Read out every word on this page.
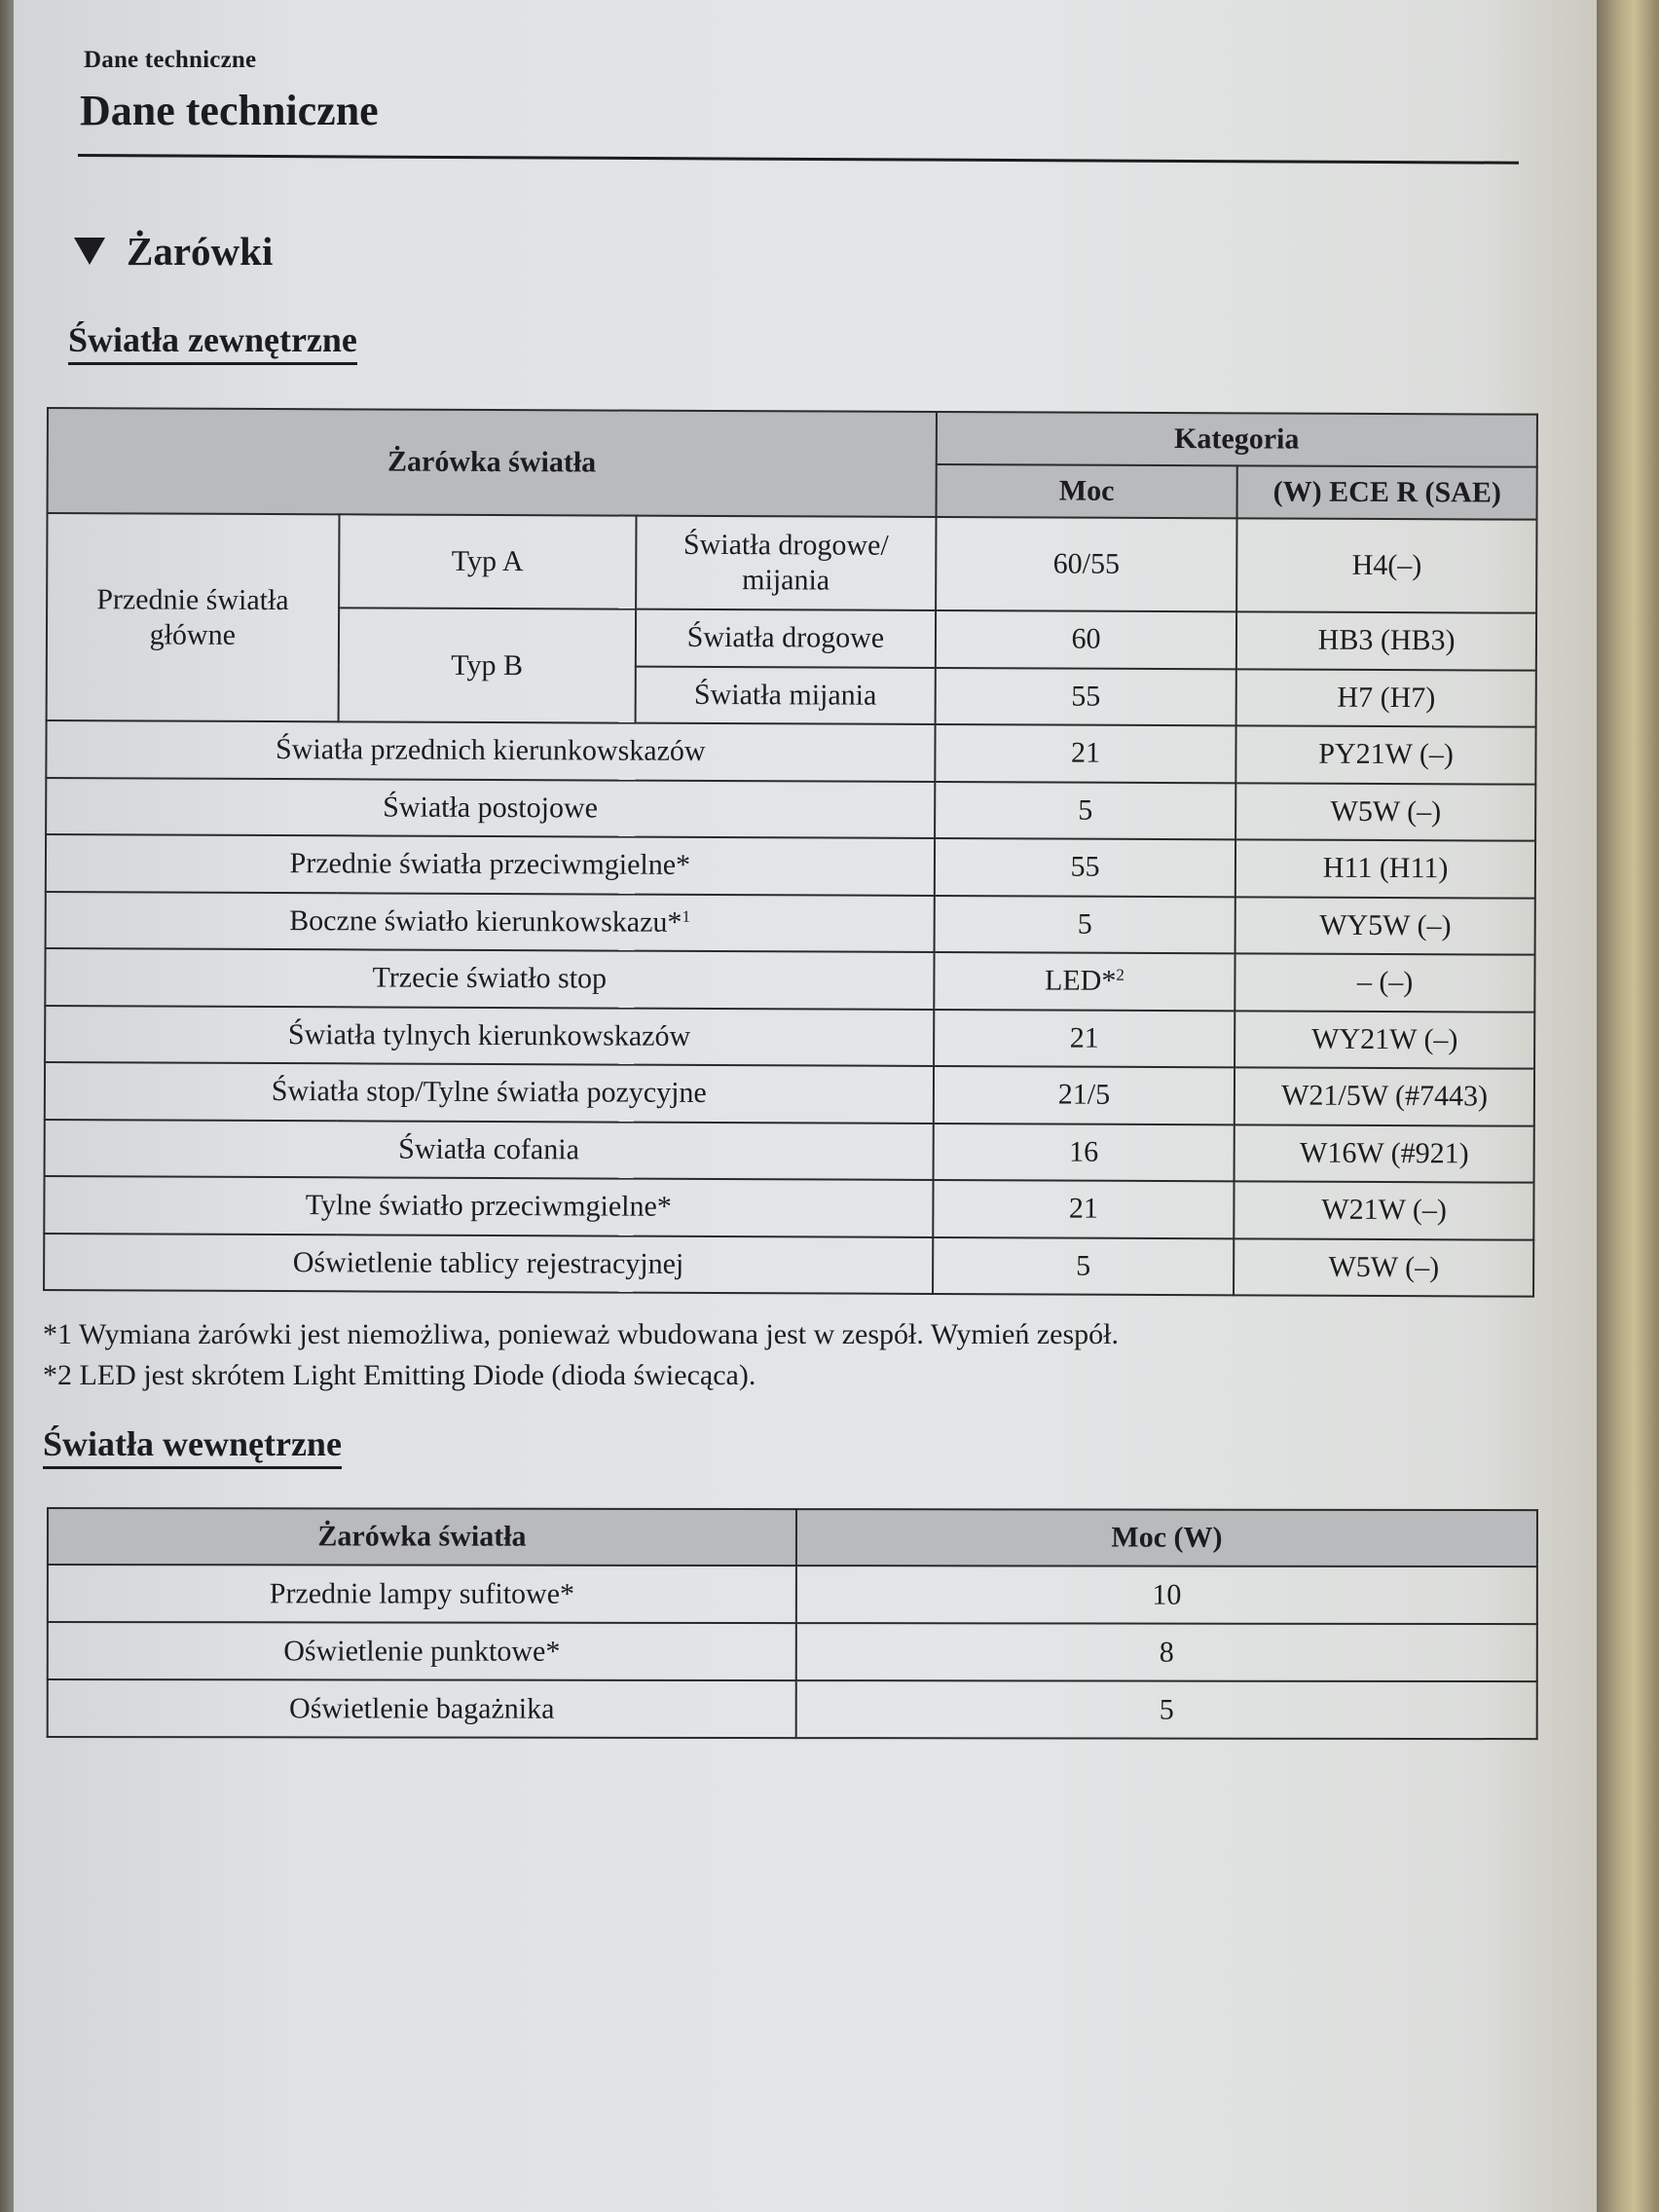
Dane techniczne
Dane techniczne
Żarówki
Światła zewnętrzne
Żarówka światła			Kategoria	
			Moc	(W) ECE R (SAE)
Przednie światła główne	Typ A	Światła drogowe/ mijania	60/55	H4(–)
	Typ B	Światła drogowe	60	HB3 (HB3)
		Światła mijania	55	H7 (H7)
Światła przednich kierunkowskazów			21	PY21W (–)
Światła postojowe			5	W5W (–)
Przednie światła przeciwmgielne*			55	H11 (H11)
Boczne światło kierunkowskazu*$^1$			5	WY5W (–)
Trzecie światło stop			LED*$^2$	– (–)
Światła tylnych kierunkowskazów			21	WY21W (–)
Światła stop/Tylne światła pozycyjne			21/5	W21/5W (#7443)
Światła cofania			16	W16W (#921)
Tylne światło przeciwmgielne*			21	W21W (–)
Oświetlenie tablicy rejestracyjnej			5	W5W (–)
*1 Wymiana żarówki jest niemożliwa, ponieważ wbudowana jest w zespół. Wymień zespół.
*2 LED jest skrótem Light Emitting Diode (dioda świecąca).
Światła wewnętrzne
Żarówka światła	Moc (W)
Przednie lampy sufitowe*	10
Oświetlenie punktowe*	8
Oświetlenie bagażnika	5
